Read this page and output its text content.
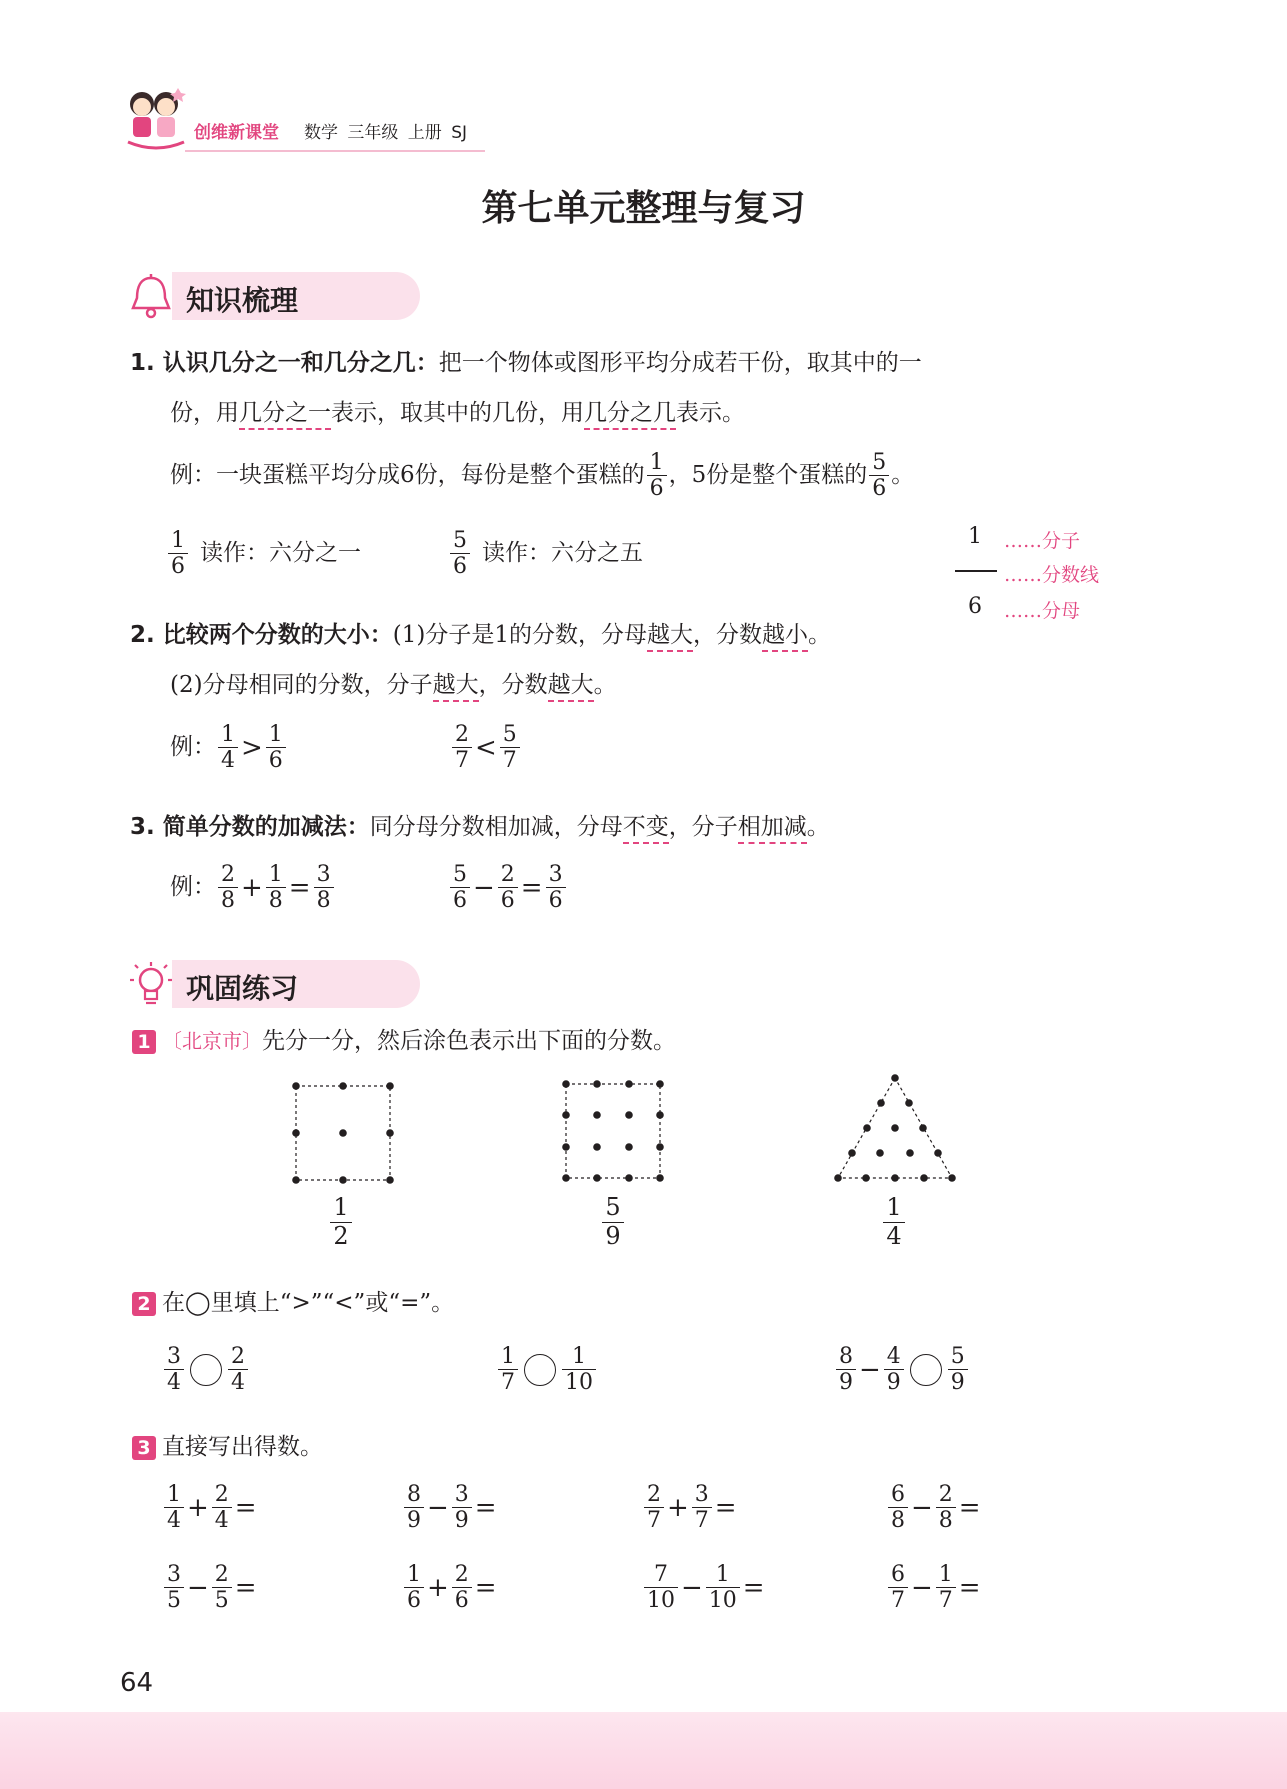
创维新课堂 数学 三年级 上册 SJ
第七单元整理与复习
知识梳理
1. 认识几分之一和几分之几：把一个物体或图形平均分成若干份，取其中的一
份，用几分之一表示，取其中的几份，用几分之几表示。
例：一块蛋糕平均分成6份，每份是整个蛋糕的 $\frac{1}{6}$ ，5份是整个蛋糕的 $\frac{5}{6}$ 。
$\frac{1}{6}$ 读作：六分之一	$\frac{5}{6}$ 读作：六分之五
1
6
……分子
……分数线
……分母
2. 比较两个分数的大小：(1)分子是1的分数，分母越大，分数越小。
(2)分母相同的分数，分子越大，分数越大。
例： $\frac{1}{4} > \frac{1}{6}$	$\frac{2}{7} < \frac{5}{7}$
3. 简单分数的加减法：同分母分数相加减，分母不变，分子相加减。
例： $\frac{2}{8} + \frac{1}{8} = \frac{3}{8}$	$\frac{5}{6} - \frac{2}{6} = \frac{3}{6}$
巩固练习
1 〔北京市〕先分一分，然后涂色表示出下面的分数。
$\frac{1}{2}$	$\frac{5}{9}$	$\frac{1}{4}$
2 在◯里填上“>”“<”或“=”。
$\frac{3}{4} \frac{2}{4}$	$\frac{1}{7} \frac{1}{10}$	$\frac{8}{9} - \frac{4}{9} \frac{5}{9}$
3 直接写出得数。
$\frac{1}{4} + \frac{2}{4}$ =	$\frac{8}{9} - \frac{3}{9}$ =	$\frac{2}{7} + \frac{3}{7}$ =	$\frac{6}{8} - \frac{2}{8}$ =
$\frac{3}{5} - \frac{2}{5}$ =	$\frac{1}{6} + \frac{2}{6}$ =	$\frac{7}{10} - \frac{1}{10}$ =	$\frac{6}{7} - \frac{1}{7}$ =
64
